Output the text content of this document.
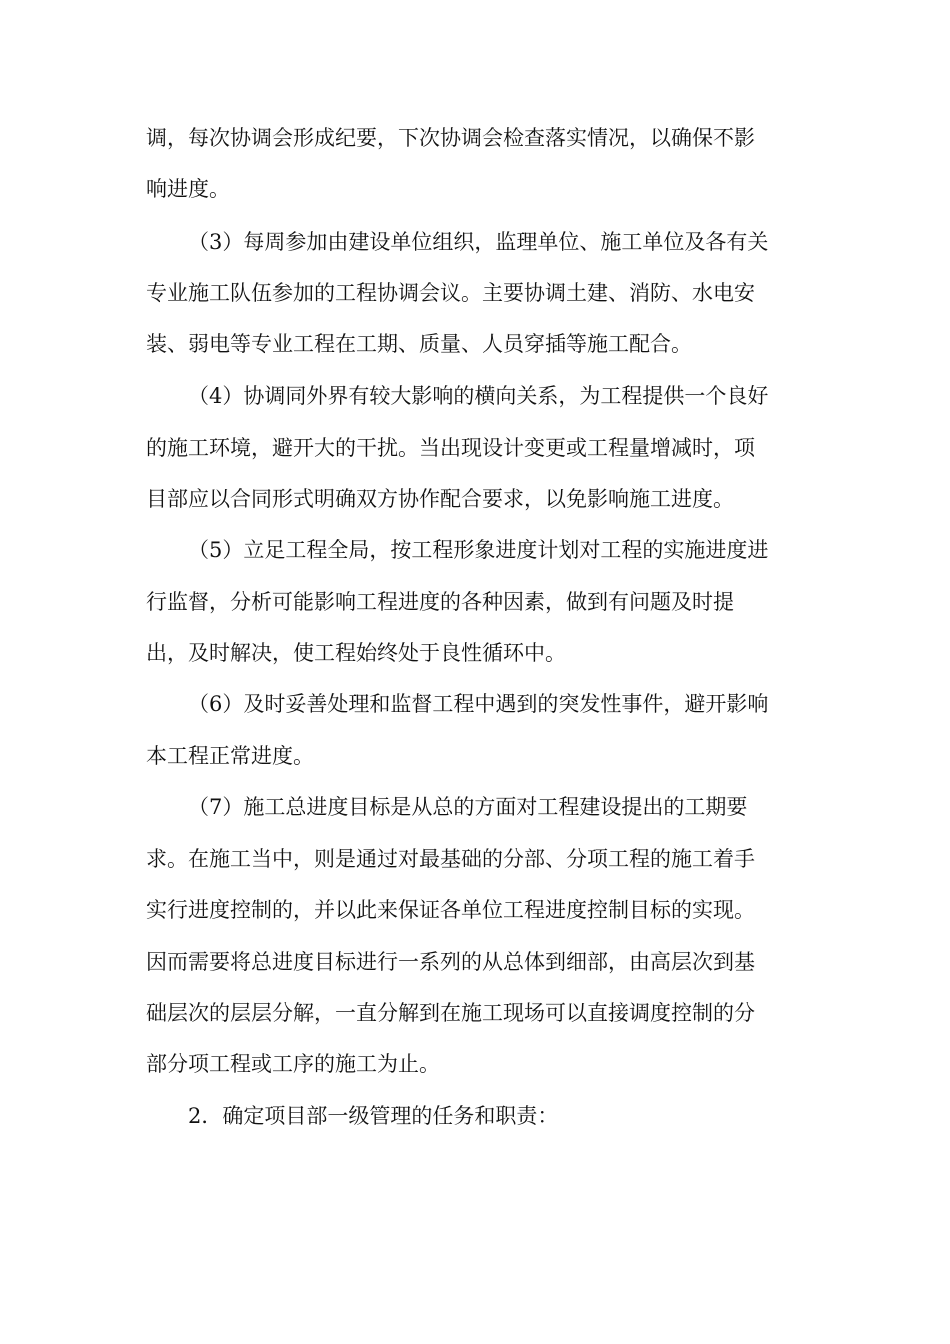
调，每次协调会形成纪要，下次协调会检查落实情况，以确保不影
响进度。
（3）每周参加由建设单位组织，监理单位、施工单位及各有关
专业施工队伍参加的工程协调会议。主要协调土建、消防、水电安
装、弱电等专业工程在工期、质量、人员穿插等施工配合。
（4）协调同外界有较大影响的横向关系，为工程提供一个良好
的施工环境，避开大的干扰。当出现设计变更或工程量增减时，项
目部应以合同形式明确双方协作配合要求，以免影响施工进度。
（5）立足工程全局，按工程形象进度计划对工程的实施进度进
行监督，分析可能影响工程进度的各种因素，做到有问题及时提
出，及时解决，使工程始终处于良性循环中。
（6）及时妥善处理和监督工程中遇到的突发性事件，避开影响
本工程正常进度。
（7）施工总进度目标是从总的方面对工程建设提出的工期要
求。在施工当中，则是通过对最基础的分部、分项工程的施工着手
实行进度控制的，并以此来保证各单位工程进度控制目标的实现。
因而需要将总进度目标进行一系列的从总体到细部，由高层次到基
础层次的层层分解，一直分解到在施工现场可以直接调度控制的分
部分项工程或工序的施工为止。
2．确定项目部一级管理的任务和职责：
